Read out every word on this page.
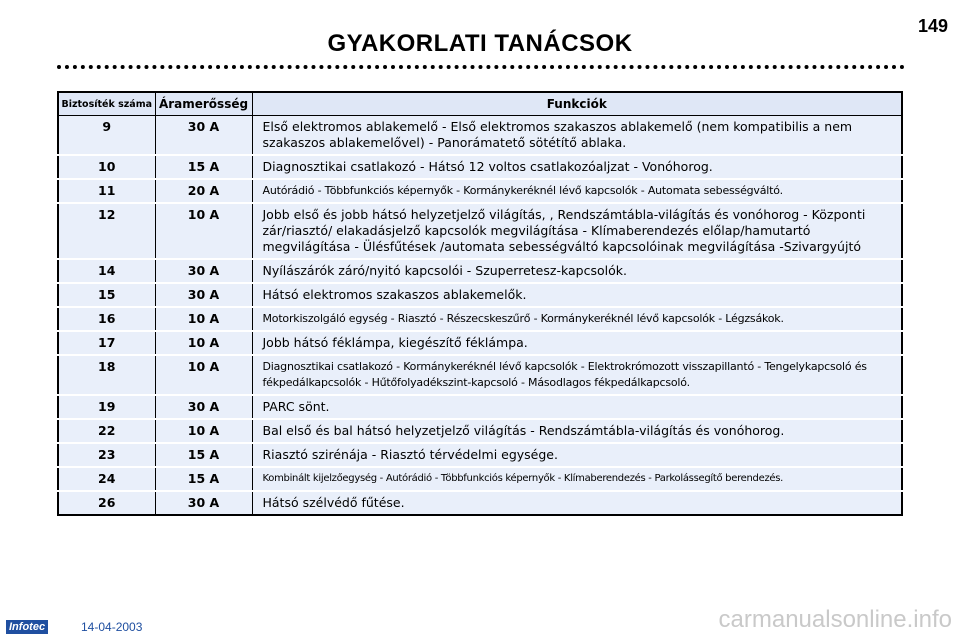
149
GYAKORLATI TANÁCSOK
Biztosíték száma	Áramerősség	Funkciók
9	30 A	Első elektromos ablakemelő - Első elektromos szakaszos ablakemelő (nem kompatibilis a nem szakaszos ablakemelővel) - Panorámatető sötétítő ablaka.
10	15 A	Diagnosztikai csatlakozó - Hátsó 12 voltos csatlakozóaljzat - Vonóhorog.
11	20 A	Autórádió - Többfunkciós képernyők - Kormánykeréknél lévő kapcsolók - Automata sebességváltó.
12	10 A	Jobb első és jobb hátsó helyzetjelző világítás, , Rendszámtábla-világítás és vonóhorog - Központi zár/riasztó/ elakadásjelző kapcsolók megvilágítása - Klímaberendezés előlap/hamutartó megvilágítása - Ülésfűtések /automata sebességváltó kapcsolóinak megvilágítása -Szivargyújtó
14	30 A	Nyílászárók záró/nyitó kapcsolói - Szuperretesz-kapcsolók.
15	30 A	Hátsó elektromos szakaszos ablakemelők.
16	10 A	Motorkiszolgáló egység - Riasztó - Részecskeszűrő - Kormánykeréknél lévő kapcsolók - Légzsákok.
17	10 A	Jobb hátsó féklámpa, kiegészítő féklámpa.
18	10 A	Diagnosztikai csatlakozó - Kormánykeréknél lévő kapcsolók - Elektrokrómozott visszapillantó - Tengelykapcsoló és fékpedálkapcsolók - Hűtőfolyadékszint-kapcsoló - Másodlagos fékpedálkapcsoló.
19	30 A	PARC sönt.
22	10 A	Bal első és bal hátsó helyzetjelző világítás - Rendszámtábla-világítás és vonóhorog.
23	15 A	Riasztó szirénája - Riasztó térvédelmi egysége.
24	15 A	Kombinált kijelzőegység - Autórádió - Többfunkciós képernyők - Klímaberendezés - Parkolássegítő berendezés.
26	30 A	Hátsó szélvédő fűtése.
Infotec	14-04-2003	carmanualsonline.info
